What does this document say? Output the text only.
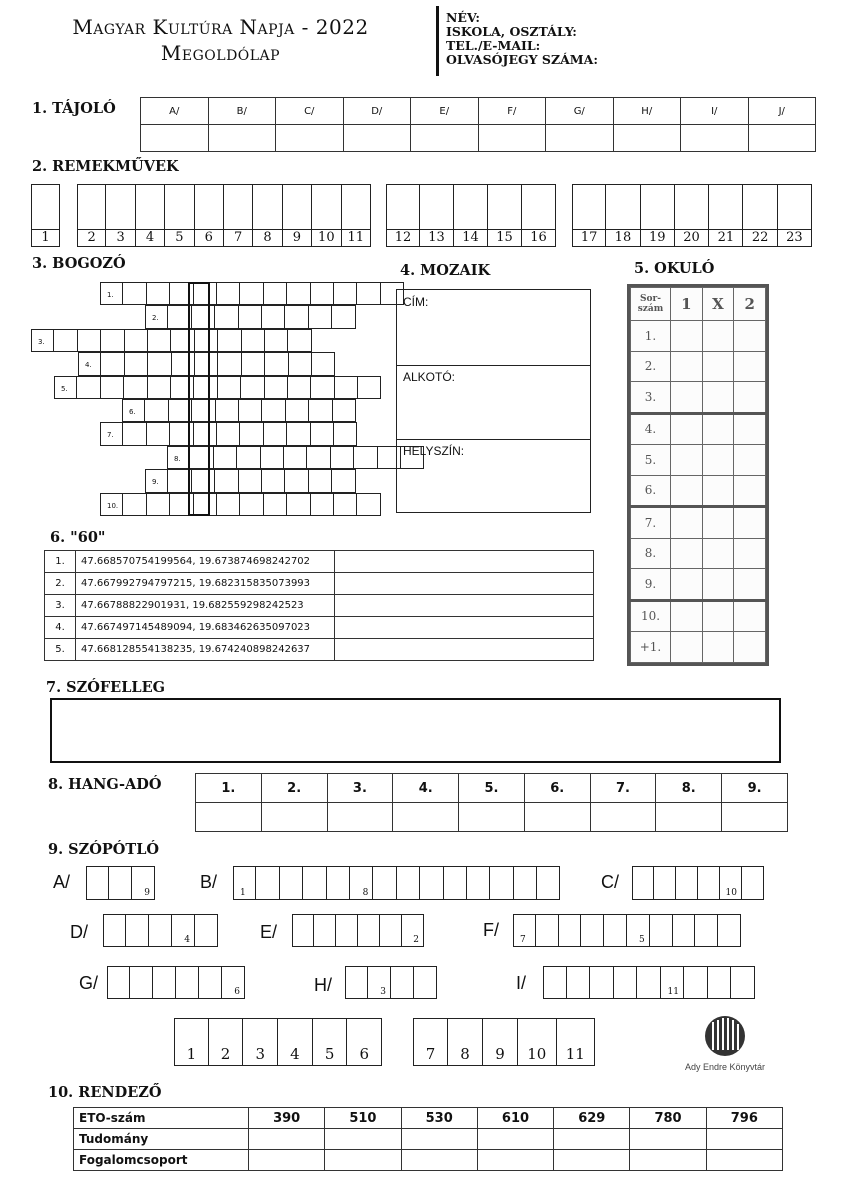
Magyar Kultúra Napja - 2022
Megoldólap
NÉV:
ISKOLA, OSZTÁLY:
TEL./E-MAIL:
OLVASÓJEGY SZÁMA:
1. TÁJOLÓ	A/	B/	C/	D/	E/	F/	G/	H/	I/	J/

2. REMEKMŰVEK
1	2	3	4	5	6	7	8	9	10 11	12	13	14	15	16	17	18	19	20	21	22	23
3. BOGOZÓ
1.
2.
3.
4.
5.
6.
7.
8.
9.
10.
4. MOZAIK
CÍM:
ALKOTÓ:
HELYSZÍN:
5. OKULÓ
Sor-szám	1	X	2
1.			
2.			
3.			
4.			
5.			
6.			
7.			
8.			
9.			
10.			
+1.			
6. "60"
1.	47.668570754199564, 19.673874698242702	
2.	47.667992794797215, 19.682315835073993	
3.	47.66788822901931, 19.682559298242523	
4.	47.667497145489094, 19.683462635097023	
5.	47.668128554138235, 19.674240898242637	
7. SZÓFELLEG
8. HANG-ADÓ	1.	2.	3.	4.	5.	6.	7.	8.	9.

9. SZÓPÓTLÓ
A/
9
B/
1	8
C/
10
D/	4	E/	2	F/ 7	5
G/	6	H/	3	I/	11
1	2	3	4	5	6	7	8	9	10	11
Ady Endre Könyvtár
10. RENDEZŐ
ETO-szám	390	510	530	610	629	780	796
Tudomány							
Fogalomcsoport							
